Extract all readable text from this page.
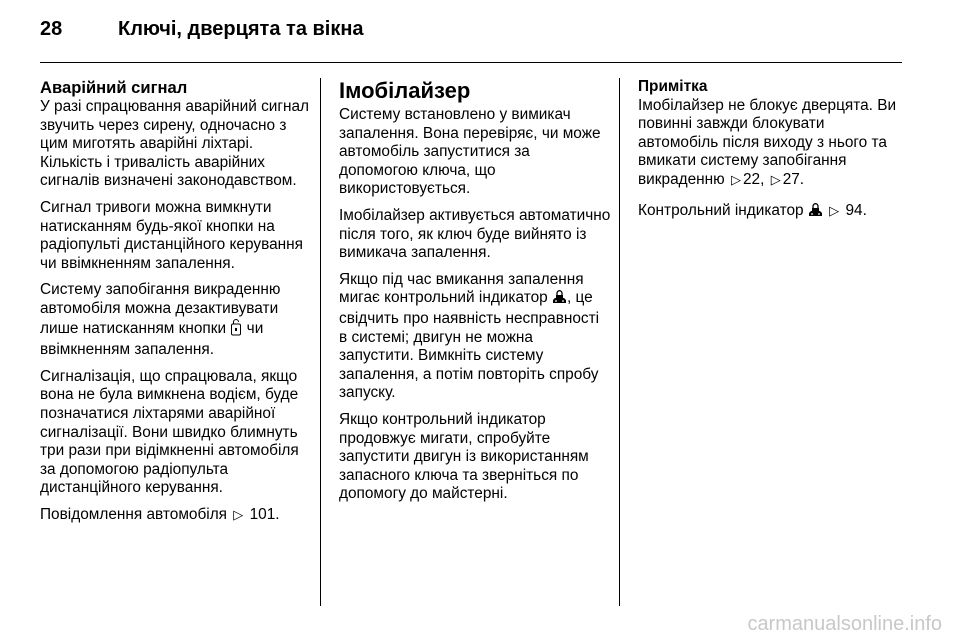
28	Ключі, дверцята та вікна
Аварійний сигнал

У разі спрацювання аварійний сигнал звучить через сирену, одночасно з цим миготять аварійні ліхтарі. Кількість і тривалість аварійних сигналів визначені законодавством.

Сигнал тривоги можна вимкнути натисканням будь-якої кнопки на радіопульті дистанційного керування чи ввімкненням запалення.

Систему запобігання викраденню автомобіля можна дезактивувати лише натисканням кнопки чи ввімкненням запалення.

Сигналізація, що спрацювала, якщо вона не була вимкнена водієм, буде позначатися ліхтарями аварійної сигналізації. Вони швидко блимнуть три рази при відімкненні автомобіля за допомогою радіопульта дистанційного керування.

Повідомлення автомобіля ▷ 101.

Імобілайзер

Систему встановлено у вимикач запалення. Вона перевіряє, чи може автомобіль запуститися за допомогою ключа, що використовується.

Імобілайзер активується автоматично після того, як ключ буде вийнято із вимикача запалення.

Якщо під час вмикання запалення мигає контрольний індикатор , це свідчить про наявність несправності в системі; двигун не можна запустити. Вимкніть систему запалення, а потім повторіть спробу запуску.

Якщо контрольний індикатор продовжує мигати, спробуйте запустити двигун із використанням запасного ключа та зверніться по допомогу до майстерні.

Примітка
Імобілайзер не блокує дверцята. Ви повинні завжди блокувати автомобіль після виходу з нього та вмикати систему запобігання викраденню ▷ 22, ▷ 27.

Контрольний індикатор ▷ 94.

carmanualsonline.info
